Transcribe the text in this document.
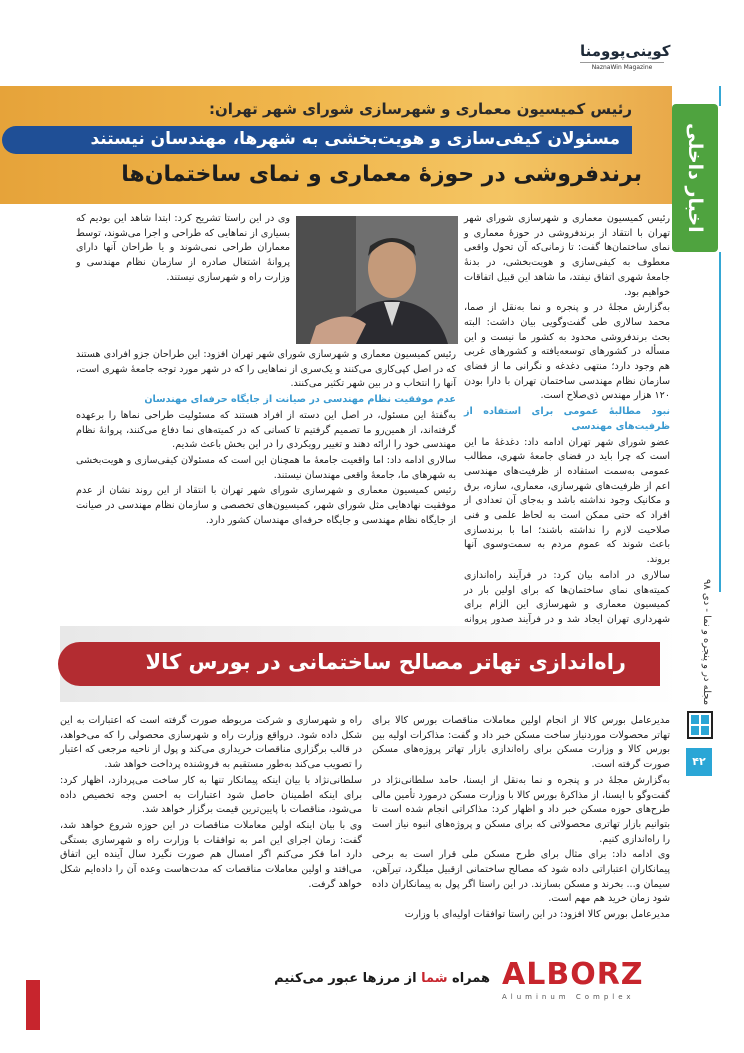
کوینی‌پو‌ومنا
NaznaWin Magazine
اخبار داخلی
رئیس کمیسیون معماری و شهرسازی شورای شهر تهران:
مسئولان کیفی‌سازی و هویت‌بخشی به شهرها، مهندسان نیستند
برندفروشی در حوزۀ معماری و نمای ساختمان‌ها

رئیس کمیسیون معماری و شهرسازی شورای شهر تهران با انتقاد از برندفروشی در حوزۀ معماری و نمای ساختمان‌ها گفت: تا زمانی‌که آن تحول واقعی معطوف به کیفی‌سازی و هویت‌بخشی، در بدنۀ جامعۀ شهری اتفاق نیفتد، ما شاهد این قبیل اتفاقات خواهیم بود.

به‌گزارش مجلۀ در و پنجره و نما به‌نقل از صما، محمد سالاری طی گفت‌وگویی بیان داشت: البته بحث برندفروشی محدود به کشور ما نیست و این مسأله در کشورهای توسعه‌یافته و کشورهای غربی هم وجود دارد؛ منتهی دغدغه و نگرانی ما از فضای سازمان نظام مهندسی ساختمان تهران با دارا بودن ۱۲۰ هزار مهندس ذی‌صلاح است.

نبود مطالبۀ عمومی برای استفاده از ظرفیت‌های مهندسی

عضو شورای شهر تهران ادامه داد: دغدغۀ ما این است که چرا باید در فضای جامعۀ شهری، مطالب عمومی به‌سمت استفاده از ظرفیت‌های مهندسی اعم از ظرفیت‌های شهرسازی، معماری، سازه، برق و مکانیک وجود نداشته باشد و به‌جای آن تعدادی از افراد که حتی ممکن است به لحاظ علمی و فنی صلاحیت لازم را نداشته باشند؛ اما با برندسازی باعث شوند که عموم مردم به سمت‌وسوی آنها بروند.

سالاری در ادامه بیان کرد: در فرآیند راه‌اندازی کمیته‌های نمای ساختمان‌ها که برای اولین بار در کمیسیون معماری و شهرسازی این الزام برای شهرداری تهران ایجاد شد و در فرآیند صدور پروانه

وی در این راستا تشریح کرد: ابتدا شاهد این بودیم که بسیاری از نماهایی که طراحی و اجرا می‌شوند، توسط معماران طراحی نمی‌شوند و یا طراحان آنها دارای پروانۀ اشتغال صادره از سازمان نظام مهندسی و وزارت راه و شهرسازی نیستند.

رئیس کمیسیون معماری و شهرسازی شورای شهر تهران افزود: این طراحان جزو افرادی هستند که در اصل کپی‌کاری می‌کنند و یک‌سری از نماهایی را که در شهر مورد توجه جامعۀ شهری است، آنها را انتخاب و در بین شهر تکثیر می‌کنند.

عدم موفقیت نظام مهندسی در صیانت از جایگاه حرفه‌ای مهندسان

به‌گفتۀ این مسئول، در اصل این دسته از افراد هستند که مسئولیت طراحی نماها را برعهده گرفته‌اند، از همین‌رو ما تصمیم گرفتیم تا کسانی که در کمیته‌های نما دفاع می‌کنند، پروانۀ نظام مهندسی خود را ارائه دهند و تغییر رویکردی را در این بخش باعث شدیم.

سالاری ادامه داد: اما واقعیت جامعۀ ما همچنان این است که مسئولان کیفی‌سازی و هویت‌بخشی به شهرهای ما، جامعۀ واقعی مهندسان نیستند.

رئیس کمیسیون معماری و شهرسازی شورای شهر تهران با انتقاد از این روند نشان از عدم موفقیت نهادهایی مثل شورای شهر، کمیسیون‌های تخصصی و سازمان نظام مهندسی در صیانت از جایگاه نظام مهندسی و جایگاه حرفه‌ای مهندسان کشور دارد.

راه‌اندازی تهاتر مصالح ساختمانی در بورس کالا

مدیرعامل بورس کالا از انجام اولین معاملات مناقصات بورس کالا برای تهاتر محصولات موردنیاز ساخت مسکن خبر داد و گفت: مذاکرات اولیه بین بورس کالا و وزارت مسکن برای راه‌اندازی بازار تهاتر پروژه‌های مسکن صورت گرفته است.

به‌گزارش مجلۀ در و پنجره و نما به‌نقل از ایسنا، حامد سلطانی‌نژاد در گفت‌وگو با ایسنا، از مذاکرۀ بورس کالا با وزارت مسکن درمورد تأمین مالی طرح‌های حوزه مسکن خبر داد و اظهار کرد: مذاکراتی انجام شده است تا بتوانیم بازار تهاتری محصولاتی که برای مسکن و پروژه‌های انبوه نیاز است را راه‌اندازی کنیم.

وی ادامه داد: برای مثال برای طرح مسکن ملی قرار است به برخی پیمانکاران اعتباراتی داده شود که مصالح ساختمانی ازقبیل میلگرد، تیرآهن، سیمان و... بخرند و مسکن بسازند. در این راستا اگر پول به پیمانکاران داده شود زمان خرید هم مهم است.

مدیرعامل بورس کالا افزود: در این راستا توافقات اولیه‌ای با وزارت

راه و شهرسازی و شرکت مربوطه صورت گرفته است که اعتبارات به این شکل داده شود. درواقع وزارت راه و شهرسازی محصولی را که می‌خواهد، در قالب برگزاری مناقصات خریداری می‌کند و پول از ناحیه مرجعی که اعتبار را تصویب می‌کند به‌طور مستقیم به فروشنده پرداخت خواهد شد.

سلطانی‌نژاد با بیان اینکه پیمانکار تنها به کار ساخت می‌پردازد، اظهار کرد: برای اینکه اطمینان حاصل شود اعتبارات به احسن وجه تخصیص داده می‌شود، مناقصات با پایین‌ترین قیمت برگزار خواهد شد.

وی با بیان اینکه اولین معاملات مناقصات در این حوزه شروع خواهد شد، گفت: زمان اجرای این امر به توافقات با وزارت راه و شهرسازی بستگی دارد اما فکر می‌کنم اگر امسال هم صورت نگیرد سال آینده این اتفاق می‌افتد و اولین معاملات مناقصات که مدت‌هاست وعده آن را داده‌ایم شکل خواهد گرفت.

مجله در و پنجره و نما - دی ۹۸
۴۲
همراه شما از مرزها عبور می‌کنیم	ALBORZ
Aluminum Complex
